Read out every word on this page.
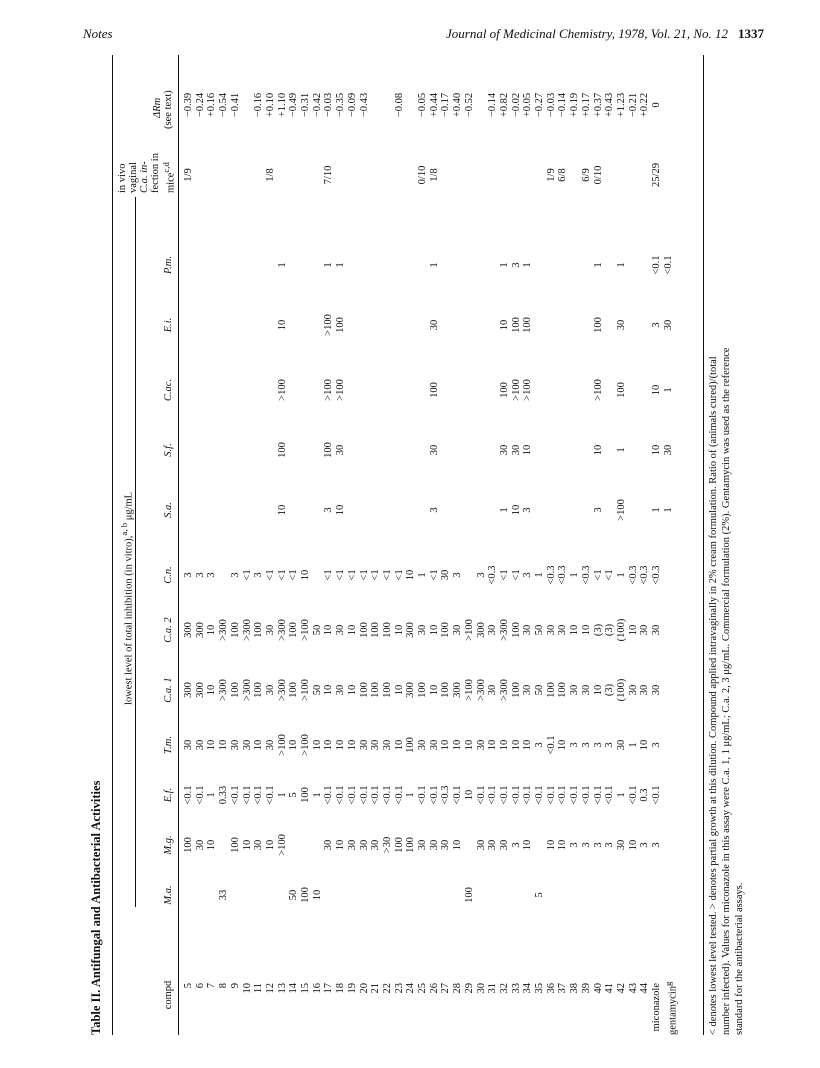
Notes	Journal of Medicinal Chemistry, 1978, Vol. 21, No. 12 1337
Table II. Antifungal and Antibacterial Activities
lowest level of total inhibition (in vitro),$^{a, b}$ μg/mL
in vivo vaginal C.a. in- fection in mice$^{c,d}$
ΔRm (see text)
compd
M.a.
M.g.
E.f.
T.m.
C.a. 1
C.a. 2
C.n.
S.a.
S.f.
C.ac.
E.i.
P.m.
5
100
<0.1
30
300
300
3
1/9
−0.39
6
30
<0.1
30
300
300
3
−0.24
7
10
1
10
10
10
3
+0.16
8
33
0.33
10
>300
>300
−0.54
9
100
<0.1
30
100
100
3
−0.41
10
10
<0.1
30
>300
>300
<1
11
30
<0.1
10
100
100
3
−0.16
12
10
<0.1
30
30
30
<1
1/8
+0.10
13
>100
1
>100
>300
>300
<1
10
100
>100
10
1
+1.10
14
50
5
10
100
100
<1
−0.49
15
100
100
>100
>100
>100
10
−0.31
16
10
1
10
50
50
−0.42
17
30
<0.1
10
10
10
<1
3
100
>100
>100
1
7/10
−0.03
18
10
<0.1
10
30
30
<1
10
30
>100
100
1
−0.35
19
30
<0.1
10
10
10
<1
−0.09
20
30
<0.1
30
100
100
<1
−0.43
21
30
<0.1
30
100
100
<1
22
>30
<0.1
30
100
100
<1
23
100
<0.1
10
10
10
<1
−0.08
24
100
1
100
300
300
10
25
30
<0.1
30
100
30
1
0/10
−0.05
26
30
<0.1
30
10
10
<1
3
30
100
30
1
1/8
+0.44
27
30
<0.3
10
100
100
30
−0.17
28
10
<0.1
10
300
30
3
+0.40
29
100
10
10
>100
>100
−0.52
30
30
<0.1
30
>300
300
3
31
30
<0.1
10
30
30
<0.3
−0.14
32
30
<0.1
10
>300
>300
<1
1
30
100
10
1
+0.82
33
3
<0.1
10
100
100
<1
10
30
>100
100
3
−0.02
34
10
<0.1
10
30
30
3
3
10
>100
100
1
+0.05
35
5
<0.1
3
50
50
1
−0.27
36
10
<0.1
<0.1
100
30
<0.3
1/9
−0.03
37
10
<0.1
10
100
30
<0.3
6/8
−0.14
38
3
<0.1
3
30
10
1
+0.19
39
3
<0.1
3
30
10
<0.3
6/9
+0.17
40
3
<0.1
3
10
(3)
<1
3
10
>100
100
1
0/10
+0.37
41
3
<0.1
3
(3)
(3)
<1
+0.43
42
30
1
30
(100)
(100)
1
>100
1
100
30
1
+1.23
43
10
<0.1
1
30
10
<0.3
−0.21
44
3
0.3
10
30
30
<0.3
+0.22
miconazole
3
<0.1
3
30
30
<0.3
1
10
10
3
<0.1
25/29
0
gentamycin$^g$
1
30
1
30
<0.1
< denotes lowest level tested. > denotes partial growth at this dilution. Compound applied intravaginally in 2% cream formulation. Ratio of (animals cured)/(total number infected). Values for miconazole in this assay were C.a. 1, 1 μg/mL; C.a. 2, 3 μg/mL. Commercial formulation (2%). Gentamycin was used as the reference standard for the antibacterial assays.
